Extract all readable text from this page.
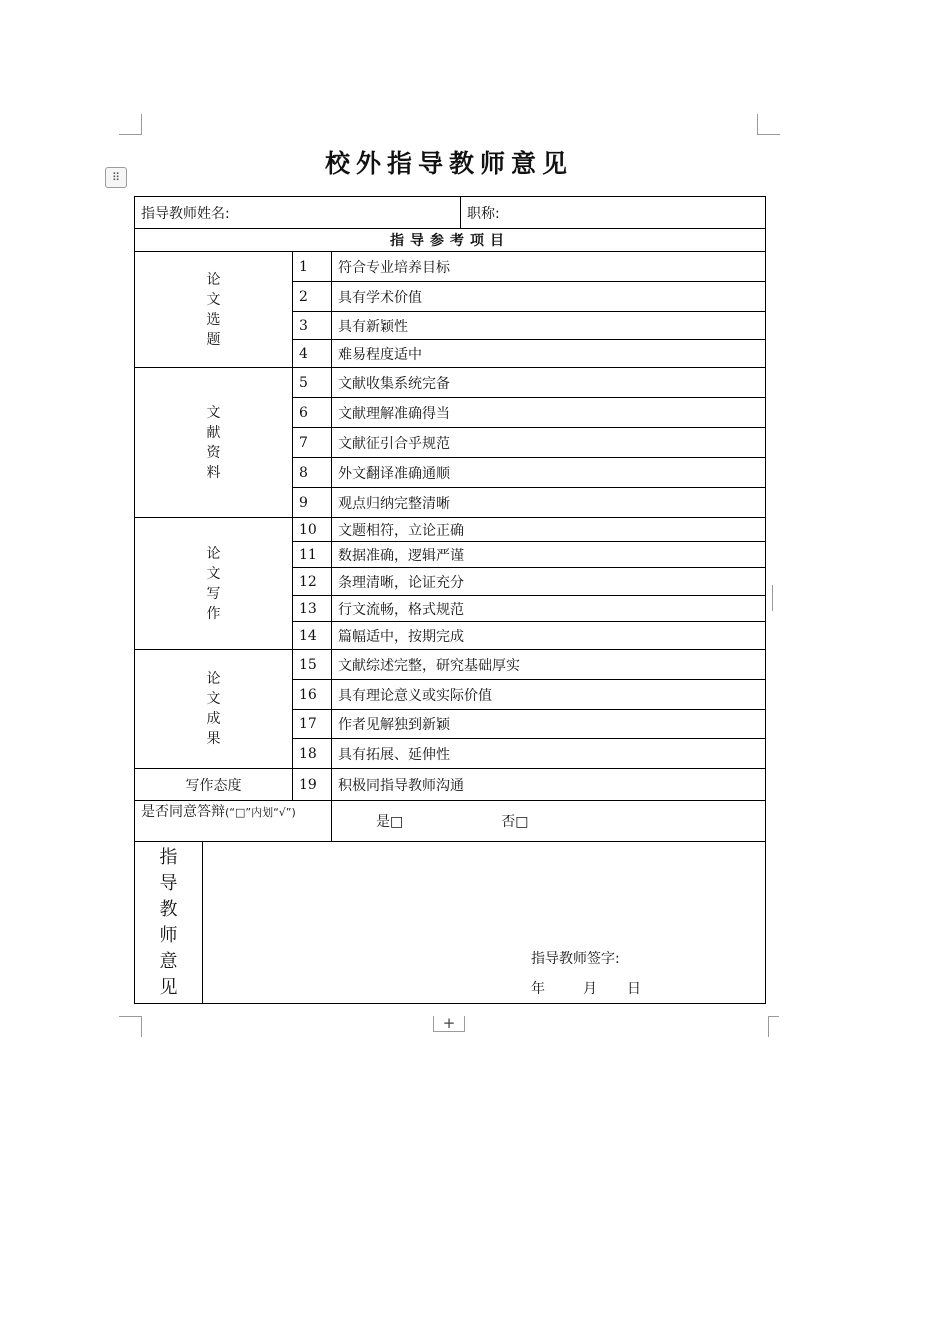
⠿
+
校外指导教师意见
指导教师姓名:				职称:
指导参考项目				

论文选题		1	符合专业培养目标	
		2	具有学术价值	
		3	具有新颖性	
		4	难易程度适中	

文献资料		5	文献收集系统完备	
		6	文献理解准确得当	
		7	文献征引合乎规范	
		8	外文翻译准确通顺	
		9	观点归纳完整清晰	

论文写作		10	文题相符，立论正确	
		11	数据准确，逻辑严谨	
		12	条理清晰，论证充分	
		13	行文流畅，格式规范	
		14	篇幅适中，按期完成	

论文成果		15	文献综述完整，研究基础厚实	
		16	具有理论意义或实际价值	
		17	作者见解独到新颖	
		18	具有拓展、延伸性	
写作态度		19	积极同指导教师沟通	
是否同意答辩(“□”内划“√”)			是□ 否□	

指导教师意见	指导教师签字:
年 月 日			
